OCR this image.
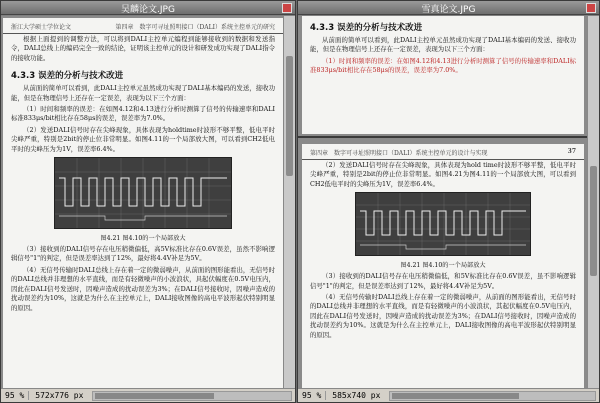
吴麟论文.JPG
浙江大学硕士学位论文	第四章　数字可寻址照明接口（DALI）系统主控单元的研究
根据上面提到的调整方法，可以将到DALI主控单元编程到能够接收到的数据和发送指令，DALI总线上的编码完全一致的结论，证明该主控单元的设计和研发成功实现了DALI指令的接收功能。
4.3.3 误差的分析与技术改进
从前面的简单可以看到，此DALI主控单元虽然成功实现了DALI基本编码的发送，接收功能，但是在物理信号上还存在一定误差，表现为以下三个方面：
（1）时间和频率的误差：在如图4.12和4.13进行分析时测算了信号的传输速率和DALI标准833μs/bit相比存在58μs的误差，误差率为7.0%。
（2）发送DALI信号时存在尖峰现象，具体表现为holdtime时波形不够平整，低电平时尖峰严重，特别是2bit的停止位非常明显。如图4.11的一个局部放大图，可以看到CH2低电平时的尖峰压为为1V，误差率6.4%。
图4.21 图4.10的一个局部放大
（3）接收到的DALI信号存在电压稍微偏低，高5V标准比存在0.6V误差，虽然不影响逻辑信号"1"的判定，但是误差率达到了12%，最好将4.4V补足为5V。
（4）无信号传输时DALI总线上存在着一定的微弱噪声，从前面的图形能看出，无信号时的DALI总线并非理想的水平直线，而是有轻微噪声的小波浪状，具起伏幅度在0.5V电压内，因此在DALI信号发送时，因噪声造成的扰动误差为3%；在DALI信号接收时，因噪声造成的扰动误差约为10%，这就是为什么在主控单元上，DALI接收图像的高电平波形起伏特别明显的原因。
95 %	572x776 px
雪真论文.JPG
4.3.3 误差的分析与技术改进
从前面的简单可以看到，此DALI主控单元虽然成功实现了DALI基本编码的发送、接收功能，但是在物理信号上还存在一定误差，表现为以下三个方面：
（1）时间和频率的误差：在如图4.12和4.13进行分析时测算了信号的传输速率和DALI标准833μs/bit相比存在58μs的误差，误差率为7.0%。
第四章　数字可寻址照明接口（DALI）系统主控单元的设计与实现	37
（2）发送DALI信号时存在尖峰现象，具体表现为hold time时波形不够平整，低电平时尖峰严重，特别是2bit的停止位非常明显。如图4.21为图4.11的一个局部放大图，可以看到CH2低电平时的尖峰压为1V，误差率6.4%。
图4.21 图4.10的一个局部放大
（3）接收到的DALI信号存在电压稍微偏低，和5V标准比存在0.6V误差，虽不影响逻辑信号"1"的判定，但是误差率达到了12%，最好将4.4V补足为5V。
（4）无信号传输时DALI总线上存在着一定的微弱噪声，从前面的图形能看出，无信号时的DALI总线并非理想的水平直线，而是有轻微噪声的小波浪状，其起伏幅度在0.5V电压内，因此在DALI信号发送时，因噪声造成的扰动误差为3%；在DALI信号接收时，因噪声造成的扰动误差约为10%。这就是为什么在主控单元上，DALI接收图像的高电平波形起伏特别明显的原因。
95 %	585x740 px
